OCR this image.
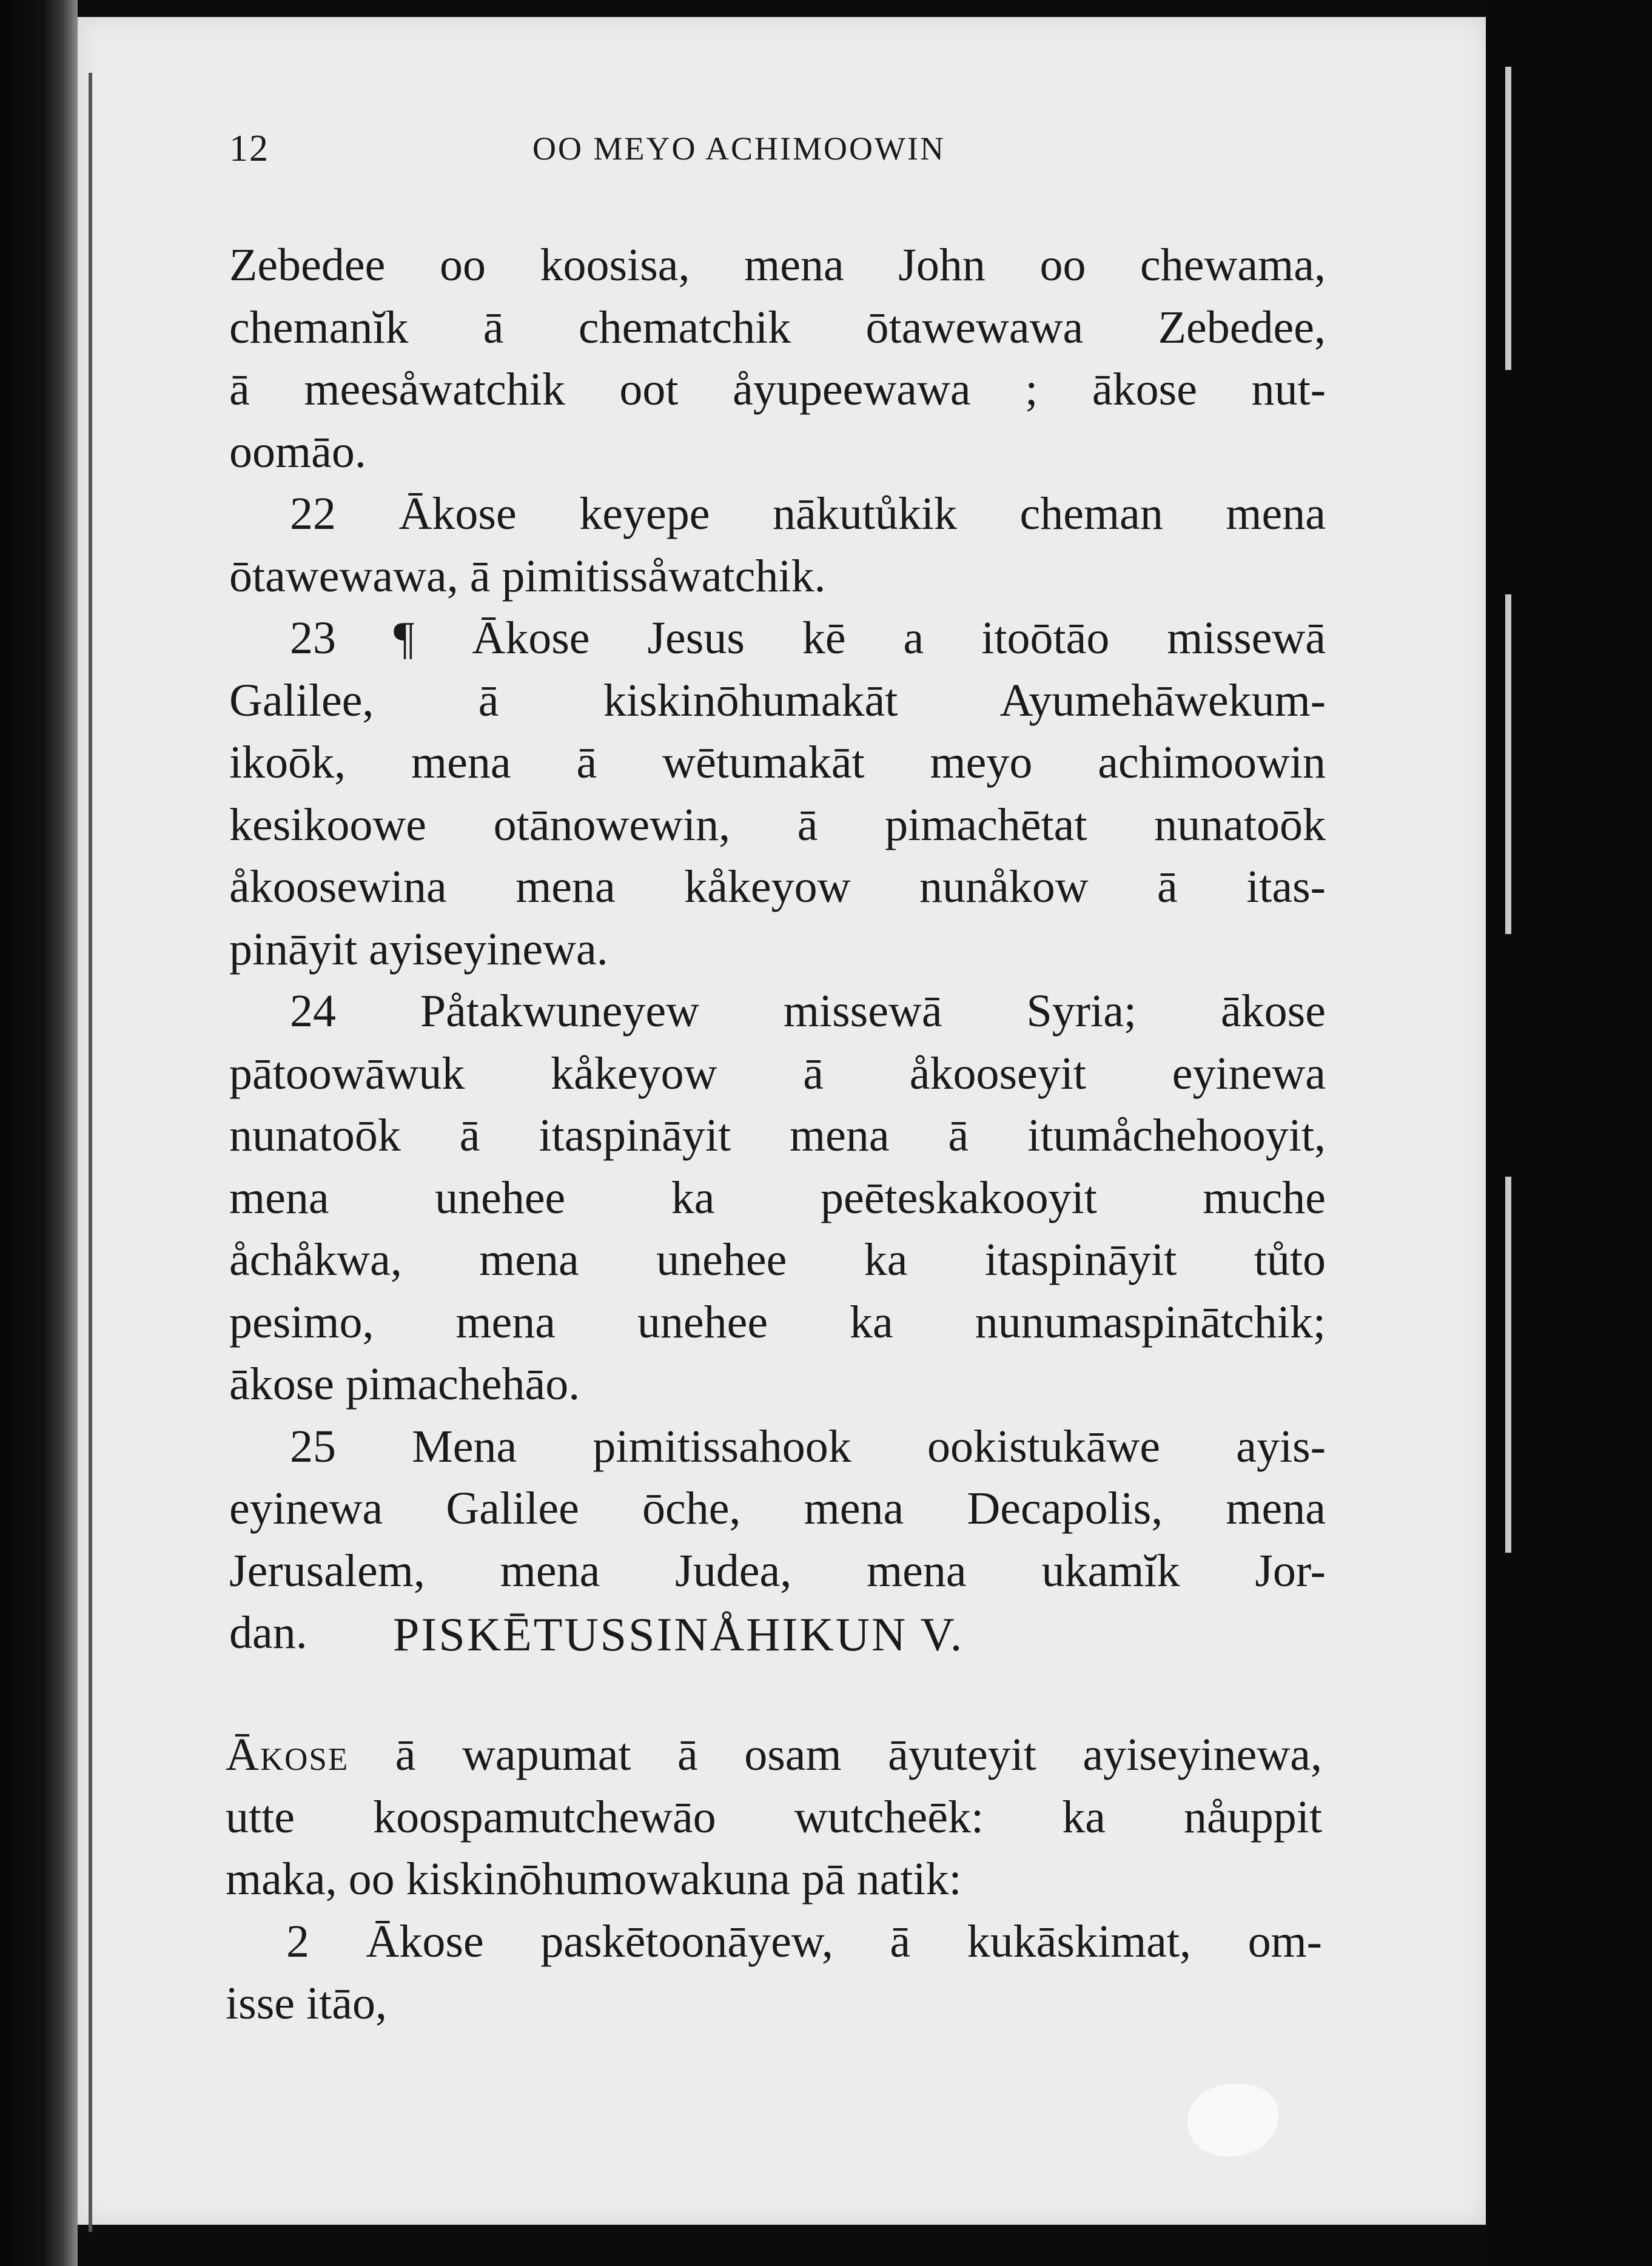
12	OO MEYO ACHIMOOWIN
Zebedee oo koosisa, mena John oo chewama,
chemanĭk ā chematchik ōtawewawa Zebedee,
ā meesåwatchik oot åyupeewawa ; ākose nut-
oomāo.
22 Ākose keyepe nākutůkik cheman mena
ōtawewawa, ā pimitissåwatchik.
23 ¶ Ākose Jesus kē a itoōtāo missewā
Galilee, ā kiskinōhumakāt Ayumehāwekum-
ikoōk, mena ā wētumakāt meyo achimoowin
kesikoowe otānowewin, ā pimachētat nunatoōk
åkoosewina mena kåkeyow nunåkow ā itas-
pināyit ayiseyinewa.
24 Påtakwuneyew missewā Syria; ākose
pātoowāwuk kåkeyow ā åkooseyit eyinewa
nunatoōk ā itaspināyit mena ā itumåchehooyit,
mena unehee ka peēteskakooyit muche
åchåkwa, mena unehee ka itaspināyit tůto
pesimo, mena unehee ka nunumaspinātchik;
ākose pimachehāo.
25 Mena pimitissahook ookistukāwe ayis-
eyinewa Galilee ōche, mena Decapolis, mena
Jerusalem, mena Judea, mena ukamĭk Jor-
dan.	PISKĒTUSSINÅHIKUN V.
Ākose ā wapumat ā osam āyuteyit ayiseyinewa,
utte koospamutchewāo wutcheēk: ka nåuppit
maka, oo kiskinōhumowakuna pā natik:
2 Ākose paskētoonāyew, ā kukāskimat, om-
isse itāo,
